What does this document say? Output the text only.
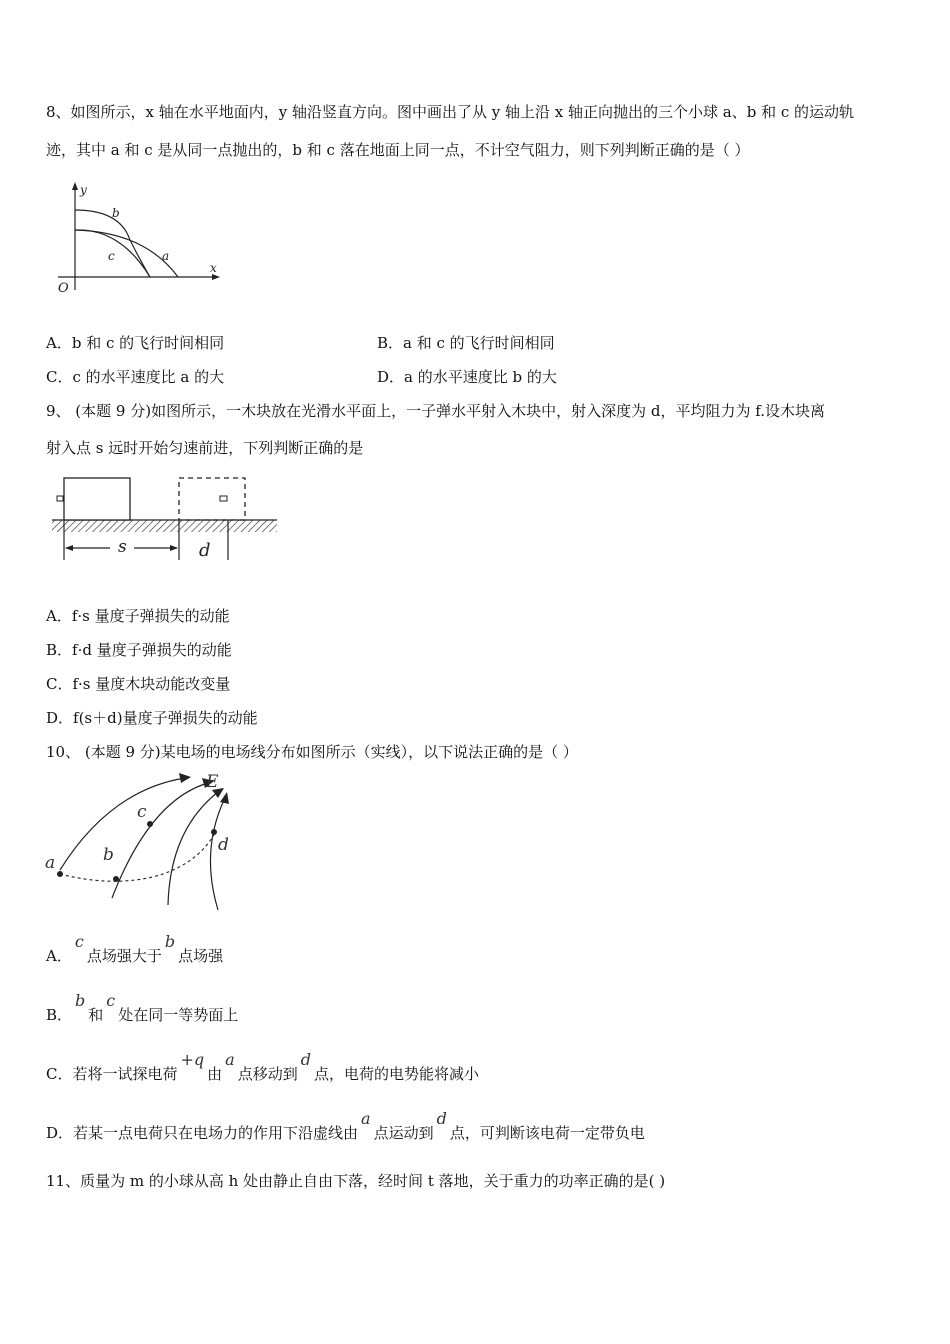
8、如图所示，x 轴在水平地面内，y 轴沿竖直方向。图中画出了从 y 轴上沿 x 轴正向抛出的三个小球 a、b 和 c 的运动轨
迹，其中 a 和 c 是从同一点抛出的，b 和 c 落在地面上同一点，不计空气阻力，则下列判断正确的是（ ）
y
x
O
b
c	a
A．b 和 c 的飞行时间相同	B．a 和 c 的飞行时间相同
C．c 的水平速度比 a 的大	D．a 的水平速度比 b 的大
9、 (本题 9 分)如图所示，一木块放在光滑水平面上，一子弹水平射入木块中，射入深度为 d，平均阻力为 f.设木块离
射入点 s 远时开始匀速前进，下列判断正确的是
s	d
A．f·s 量度子弹损失的动能
B．f·d 量度子弹损失的动能
C．f·s 量度木块动能改变量
D．f(s＋d)量度子弹损失的动能
10、 (本题 9 分)某电场的电场线分布如图所示（实线），以下说法正确的是（ ）
E
a	b
c
d
A．c点场强大于b点场强
B．b和c处在同一等势面上
C．若将一试探电荷+q由a点移动到d点，电荷的电势能将减小
D．若某一点电荷只在电场力的作用下沿虚线由a点运动到d点，可判断该电荷一定带负电
11、质量为 m 的小球从高 h 处由静止自由下落，经时间 t 落地，关于重力的功率正确的是( )
